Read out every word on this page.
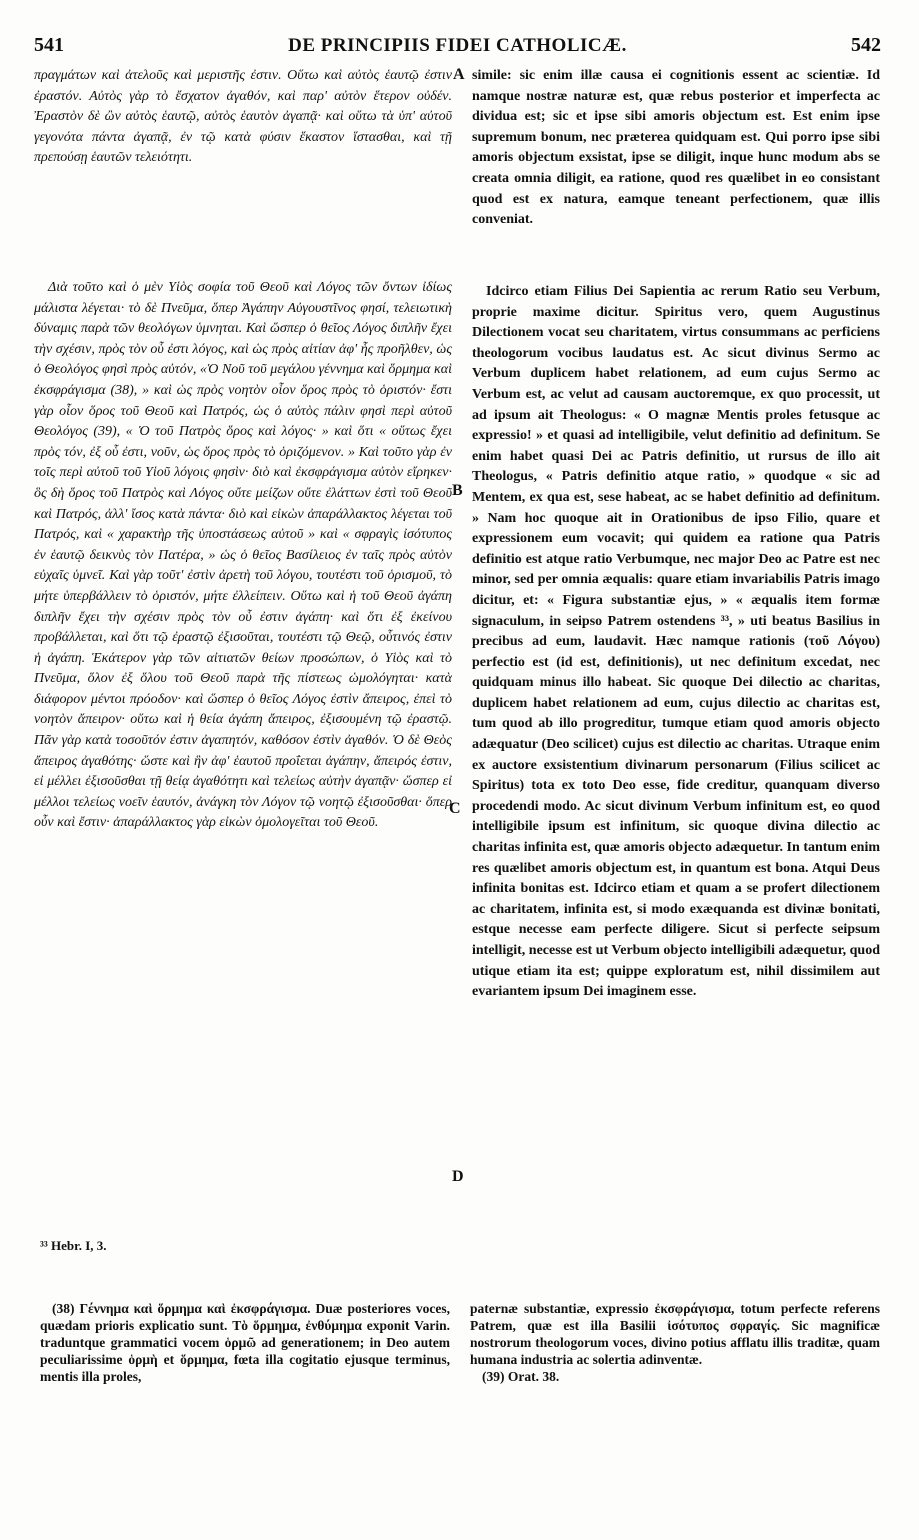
541	DE PRINCIPIIS FIDEI CATHOLICÆ.	542

πραγμάτων καὶ ἀτελοῦς καὶ μεριστῆς ἐστιν. Οὕτω καὶ αὐτὸς ἑαυτῷ ἐστιν ἐραστόν. Αὐτὸς γὰρ τὸ ἔσχατον ἀγαθόν, καὶ παρ' αὐτὸν ἕτερον οὐδέν. Ἐραστὸν δὲ ὢν αὐτὸς ἑαυτῷ, αὐτὸς ἑαυτὸν ἀγαπᾷ· καὶ οὕτω τὰ ὑπ' αὐτοῦ γεγονότα πάντα ἀγαπᾷ, ἐν τῷ κατὰ φύσιν ἕκαστον ἵστασθαι, καὶ τῇ πρεπούσῃ ἑαυτῶν τελειότητι.

A simile: sic enim illæ causa ei cognitionis essent ac scientiæ. Id namque nostræ naturæ est, quæ rebus posterior et imperfecta ac dividua est; sic et ipse sibi amoris objectum est. Est enim ipse supremum bonum, nec præterea quidquam est. Qui porro ipse sibi amoris objectum exsistat, ipse se diligit, inque hunc modum abs se creata omnia diligit, ea ratione, quod res quælibet in eo consistant quod est ex natura, eamque teneant perfectionem, quæ illis conveniat.

Διὰ τοῦτο καὶ ὁ μὲν Υἱὸς σοφία τοῦ Θεοῦ καὶ Λόγος τῶν ὄντων ἰδίως μάλιστα λέγεται· τὸ δὲ Πνεῦμα, ὅπερ Ἀγάπην Αὐγουστῖνος φησί, τελειωτικὴ δύναμις παρὰ τῶν θεολόγων ὑμνηται. Καὶ ὥσπερ ὁ θεῖος Λόγος διπλῆν ἔχει τὴν σχέσιν, πρὸς τὸν οὗ ἐστι λόγος, καὶ ὡς πρὸς αἰτίαν ἀφ' ἧς προῆλθεν, ὡς ὁ Θεολόγος φησὶ πρὸς αὐτόν, «Ὁ Νοῦ τοῦ μεγάλου γέννημα καὶ ὅρμημα καὶ ἐκσφράγισμα (38), » καὶ ὡς πρὸς νοητὸν οἷον ὅρος πρὸς τὸ ὁριστόν· ἔστι γὰρ οἷον ὅρος τοῦ Θεοῦ καὶ Πατρός, ὡς ὁ αὐτὸς πάλιν φησὶ περὶ αὐτοῦ Θεολόγος (39), « Ὁ τοῦ Πατρὸς ὅρος καὶ λόγος· » καὶ ὅτι « οὕτως ἔχει πρὸς τόν, ἐξ οὗ ἐστι, νοῦν, ὡς ὅρος πρὸς τὸ ὁριζόμενον. » Καὶ τοῦτο γὰρ ἐν τοῖς περὶ αὐτοῦ τοῦ Υἱοῦ λόγοις φησὶν· διὸ καὶ ἐκσφράγισμα αὐτὸν εἴρηκεν· ὃς δὴ ὅρος τοῦ Πατρὸς καὶ Λόγος οὔτε μείζων οὔτε ἐλάττων ἐστὶ τοῦ Θεοῦ καὶ Πατρός, ἀλλ' ἴσος κατὰ πάντα· διὸ καὶ εἰκὼν ἀπαράλλακτος λέγεται τοῦ Πατρός, καὶ « χαρακτὴρ τῆς ὑποστάσεως αὐτοῦ » καὶ « σφραγὶς ἰσότυπος ἐν ἑαυτῷ δεικνὺς τὸν Πατέρα, » ὡς ὁ θεῖος Βασίλειος ἐν ταῖς πρὸς αὐτὸν εὐχαῖς ὑμνεῖ. Καὶ γὰρ τοῦτ' ἐστὶν ἀρετὴ τοῦ λόγου, τουτέστι τοῦ ὁρισμοῦ, τὸ μήτε ὑπερβάλλειν τὸ ὁριστόν, μήτε ἐλλείπειν. Οὕτω καὶ ἡ τοῦ Θεοῦ ἀγάπη διπλῆν ἔχει τὴν σχέσιν πρὸς τὸν οὗ ἐστιν ἀγάπη· καὶ ὅτι ἐξ ἐκείνου προβάλλεται, καὶ ὅτι τῷ ἐραστῷ ἐξισοῦται, τουτέστι τῷ Θεῷ, οὗτινός ἐστιν ἡ ἀγάπη. Ἑκάτερον γὰρ τῶν αἰτιατῶν θείων προσώπων, ὁ Υἱὸς καὶ τὸ Πνεῦμα, ὅλον ἐξ ὅλου τοῦ Θεοῦ παρὰ τῆς πίστεως ὡμολόγηται· κατὰ διάφορον μέντοι πρόοδον· καὶ ὥσπερ ὁ θεῖος Λόγος ἐστὶν ἄπειρος, ἐπεὶ τὸ νοητὸν ἄπειρον· οὕτω καὶ ἡ θεία ἀγάπη ἄπειρος, ἐξισουμένη τῷ ἐραστῷ. Πᾶν γὰρ κατὰ τοσοῦτόν ἐστιν ἀγαπητόν, καθόσον ἐστὶν ἀγαθόν. Ὁ δὲ Θεὸς ἄπειρος ἀγαθότης· ὥστε καὶ ἣν ἀφ' ἑαυτοῦ προΐεται ἀγάπην, ἄπειρός ἐστιν, εἰ μέλλει ἐξισοῦσθαι τῇ θείᾳ ἀγαθότητι καὶ τελείως αὐτὴν ἀγαπᾷν· ὥσπερ εἰ μέλλοι τελείως νοεῖν ἑαυτόν, ἀνάγκη τὸν Λόγον τῷ νοητῷ ἐξισοῦσθαι· ὅπερ οὖν καὶ ἔστιν· ἀπαράλλακτος γὰρ εἰκὼν ὁμολογεῖται τοῦ Θεοῦ.

B
C
D

Idcirco etiam Filius Dei Sapientia ac rerum Ratio seu Verbum, proprie maxime dicitur. Spiritus vero, quem Augustinus Dilectionem vocat seu charitatem, virtus consummans ac perficiens theologorum vocibus laudatus est. Ac sicut divinus Sermo ac Verbum duplicem habet relationem, ad eum cujus Sermo ac Verbum est, ac velut ad causam auctoremque, ex quo processit, ut ad ipsum ait Theologus: « O magnæ Mentis proles fetusque ac expressio! » et quasi ad intelligibile, velut definitio ad definitum. Se enim habet quasi Dei ac Patris definitio, ut rursus de illo ait Theologus, « Patris definitio atque ratio, » quodque « sic ad Mentem, ex qua est, sese habeat, ac se habet definitio ad definitum. » Nam hoc quoque ait in Orationibus de ipso Filio, quare et expressionem eum vocavit; qui quidem ea ratione qua Patris definitio est atque ratio Verbumque, nec major Deo ac Patre est nec minor, sed per omnia æqualis: quare etiam invariabilis Patris imago dicitur, et: « Figura substantiæ ejus, » « æqualis item formæ signaculum, in seipso Patrem ostendens ³³, » uti beatus Basilius in precibus ad eum, laudavit. Hæc namque rationis (τοῦ Λόγου) perfectio est (id est, definitionis), ut nec definitum excedat, nec quidquam minus illo habeat. Sic quoque Dei dilectio ac charitas, duplicem habet relationem ad eum, cujus dilectio ac charitas est, tum quod ab illo progreditur, tumque etiam quod amoris objecto adæquatur (Deo scilicet) cujus est dilectio ac charitas. Utraque enim ex auctore exsistentium divinarum personarum (Filius scilicet ac Spiritus) tota ex toto Deo esse, fide creditur, quanquam diverso procedendi modo. Ac sicut divinum Verbum infinitum est, eo quod intelligibile ipsum est infinitum, sic quoque divina dilectio ac charitas infinita est, quæ amoris objecto adæquetur. In tantum enim res quælibet amoris objectum est, in quantum est bona. Atqui Deus infinita bonitas est. Idcirco etiam et quam a se profert dilectionem ac charitatem, infinita est, si modo exæquanda est divinæ bonitati, estque necesse eam perfecte diligere. Sicut si perfecte seipsum intelligit, necesse est ut Verbum objecto intelligibili adæquetur, quod utique etiam ita est; quippe exploratum est, nihil dissimilem aut evariantem ipsum Dei imaginem esse.

³³ Hebr. I, 3.

(38) Γέννημα καὶ ὅρμημα καὶ ἐκσφράγισμα. Duæ posteriores voces, quædam prioris explicatio sunt. Τὸ ὅρμημα, ἐνθύμημα exponit Varin. traduntque grammatici vocem ὁρμῶ ad generationem; in Deo autem peculiarissime ὁρμὴ et ὅρμημα, fœta illa cogitatio ejusque terminus, mentis illa proles,

paternæ substantiæ, expressio ἐκσφράγισμα, totum perfecte referens Patrem, quæ est illa Basilii ἰσότυπος σφραγίς. Sic magnificæ nostrorum theologorum voces, divino potius afflatu illis traditæ, quam humana industria ac solertia adinventæ.

(39) Orat. 38.
